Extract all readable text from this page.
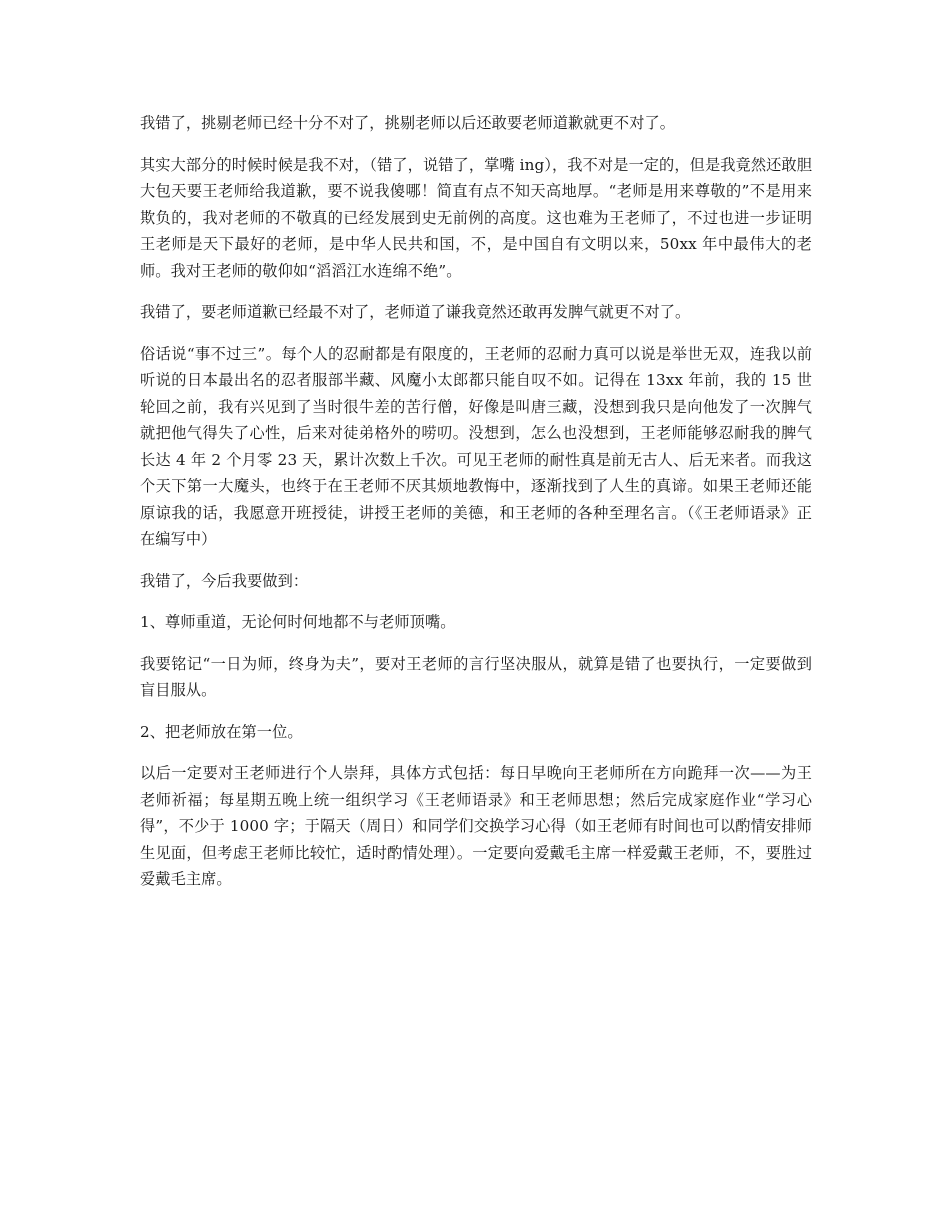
我错了，挑剔老师已经十分不对了，挑剔老师以后还敢要老师道歉就更不对了。

其实大部分的时候时候是我不对，（错了，说错了，掌嘴 ing），我不对是一定的，但是我竟然还敢胆大包天要王老师给我道歉，要不说我傻哪！简直有点不知天高地厚。“老师是用来尊敬的”不是用来欺负的，我对老师的不敬真的已经发展到史无前例的高度。这也难为王老师了，不过也进一步证明王老师是天下最好的老师，是中华人民共和国，不，是中国自有文明以来，50xx 年中最伟大的老师。我对王老师的敬仰如“滔滔江水连绵不绝”。

我错了，要老师道歉已经最不对了，老师道了谦我竟然还敢再发脾气就更不对了。

俗话说“事不过三”。每个人的忍耐都是有限度的，王老师的忍耐力真可以说是举世无双，连我以前听说的日本最出名的忍者服部半藏、风魔小太郎都只能自叹不如。记得在 13xx 年前，我的 15 世轮回之前，我有兴见到了当时很牛差的苦行僧，好像是叫唐三藏，没想到我只是向他发了一次脾气就把他气得失了心性，后来对徒弟格外的唠叨。没想到，怎么也没想到，王老师能够忍耐我的脾气长达 4 年 2 个月零 23 天，累计次数上千次。可见王老师的耐性真是前无古人、后无来者。而我这个天下第一大魔头，也终于在王老师不厌其烦地教悔中，逐渐找到了人生的真谛。如果王老师还能原谅我的话，我愿意开班授徒，讲授王老师的美德，和王老师的各种至理名言。（《王老师语录》正在编写中）

我错了，今后我要做到：

1、尊师重道，无论何时何地都不与老师顶嘴。

我要铭记“一日为师，终身为夫”，要对王老师的言行坚决服从，就算是错了也要执行，一定要做到盲目服从。

2、把老师放在第一位。

以后一定要对王老师进行个人崇拜，具体方式包括：每日早晚向王老师所在方向跪拜一次——为王老师祈福；每星期五晚上统一组织学习《王老师语录》和王老师思想；然后完成家庭作业“学习心得”，不少于 1000 字；于隔天（周日）和同学们交换学习心得（如王老师有时间也可以酌情安排师生见面，但考虑王老师比较忙，适时酌情处理）。一定要向爱戴毛主席一样爱戴王老师，不，要胜过爱戴毛主席。
